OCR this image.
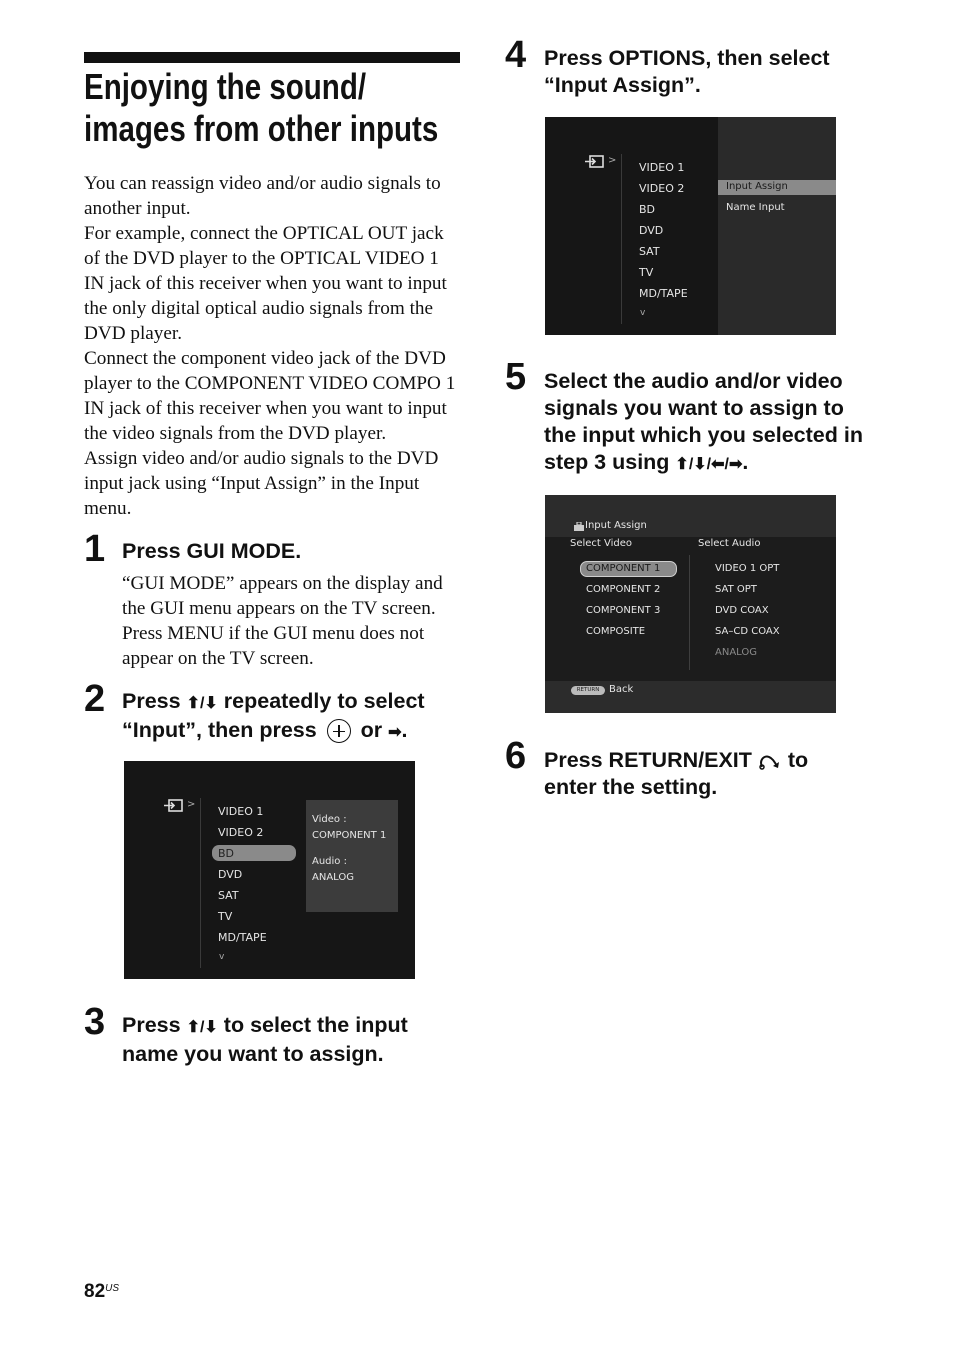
Enjoying the sound/
images from other inputs

You can reassign video and/or audio signals to another input.

For example, connect the OPTICAL OUT jack of the DVD player to the OPTICAL VIDEO 1 IN jack of this receiver when you want to input the only digital optical audio signals from the DVD player.

Connect the component video jack of the DVD player to the COMPONENT VIDEO COMPO 1 IN jack of this receiver when you want to input the video signals from the DVD player.

Assign video and/or audio signals to the DVD input jack using “Input Assign” in the Input menu.

1 Press GUI MODE.

“GUI MODE” appears on the display and the GUI menu appears on the TV screen.

Press MENU if the GUI menu does not appear on the TV screen.

2 Press ⬆/⬇ repeatedly to select
“Input”, then press  or ➡.
>
VIDEO 1
VIDEO 2
BD
DVD
SAT
TV
MD/TAPE
v
Video :
COMPONENT 1
Audio :
ANALOG
3 Press ⬆/⬇ to select the input
name you want to assign.
4 Press OPTIONS, then select
“Input Assign”.
>
VIDEO 1
VIDEO 2
BD
DVD
SAT
TV
MD/TAPE
v
Input Assign
Name Input
5 Select the audio and/or video
signals you want to assign to
the input which you selected in
step 3 using ⬆/⬇/⬅/➡.
Input Assign
Select Video	Select Audio
COMPONENT 1
COMPONENT 2
COMPONENT 3
COMPOSITE
VIDEO 1 OPT
SAT OPT
DVD COAX
SA–CD COAX
ANALOG
RETURN Back
6 Press RETURN/EXIT  to
enter the setting.
$82^{US}$
